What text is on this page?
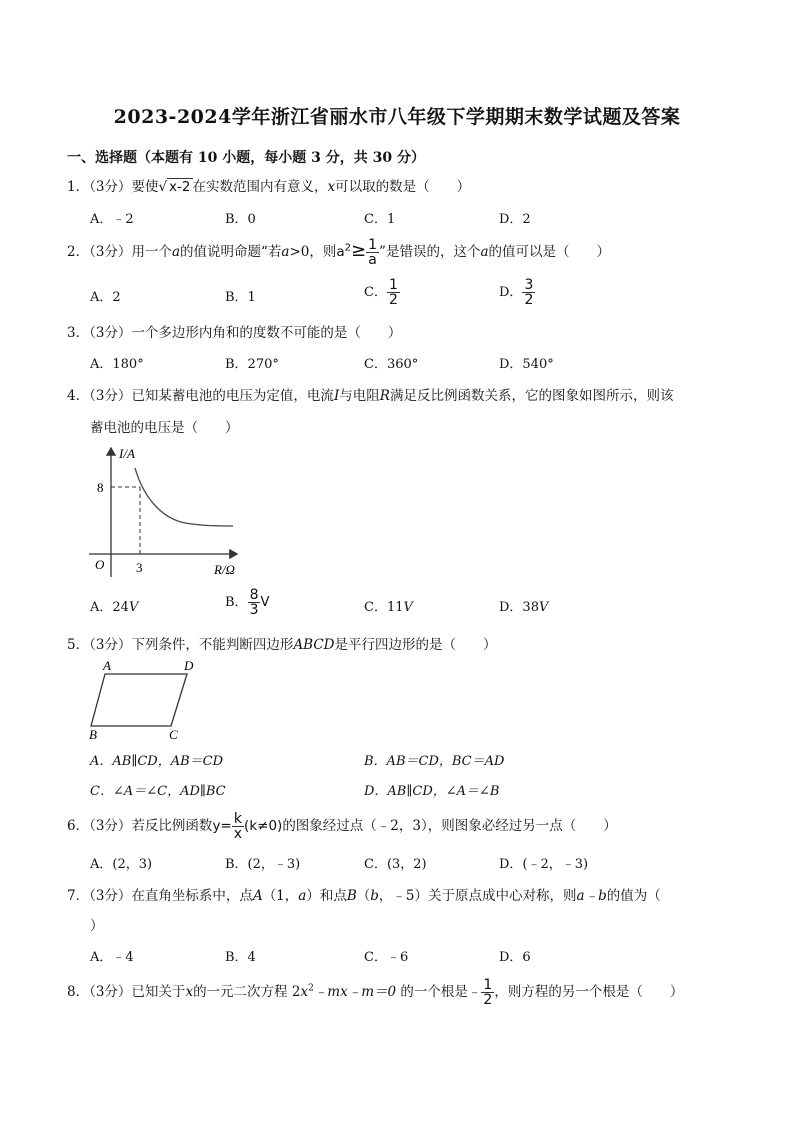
2023-2024学年浙江省丽水市八年级下学期期末数学试题及答案
一、选择题（本题有 10 小题，每小题 3 分，共 30 分）
1．（3分）要使√ x-2 在实数范围内有意义，x可以取的数是（　　）
A．﹣2	B．0	C．1	D．2
2．（3分）用一个a的值说明命题“若a>0，则$a^2\ge \frac{1}{a}$ ”是错误的，这个a的值可以是（　　）
A．2	B．1	C． $\frac{1}{2}$	D． $\frac{3}{2}$
3．（3分）一个多边形内角和的度数不可能的是（　　）
A．180°	B．270°	C．360°	D．540°
4．（3分）已知某蓄电池的电压为定值，电流I与电阻R满足反比例函数关系，它的图象如图所示，则该
蓄电池的电压是（　　）
I/A
R/Ω
O
8
3
A．24V	B． $\frac{8}{3}$ V	C．11V	D．38V
5．（3分）下列条件，不能判断四边形ABCD是平行四边形的是（　　）
A	D
B	C
A．AB∥CD，AB＝CD	B．AB＝CD，BC＝AD
C．∠A＝∠C，AD∥BC	D．AB∥CD，∠A＝∠B
6．（3分）若反比例函数$y= \frac{k}{x} (k\ne 0)$的图象经过点（﹣2，3），则图象必经过另一点（　　）
A．(2，3)	B．(2，﹣3)	C．(3，2)	D．(﹣2，﹣3)
7．（3分）在直角坐标系中，点A（1，a）和点B（b，﹣5）关于原点成中心对称，则a﹣b的值为（
）
A．﹣4	B．4	C．﹣6	D．6
8．（3分）已知关于x的一元二次方程 $2x^2﹣mx﹣m=0$ 的一个根是﹣ $\frac{1}{2}$ ，则方程的另一个根是（　　）
